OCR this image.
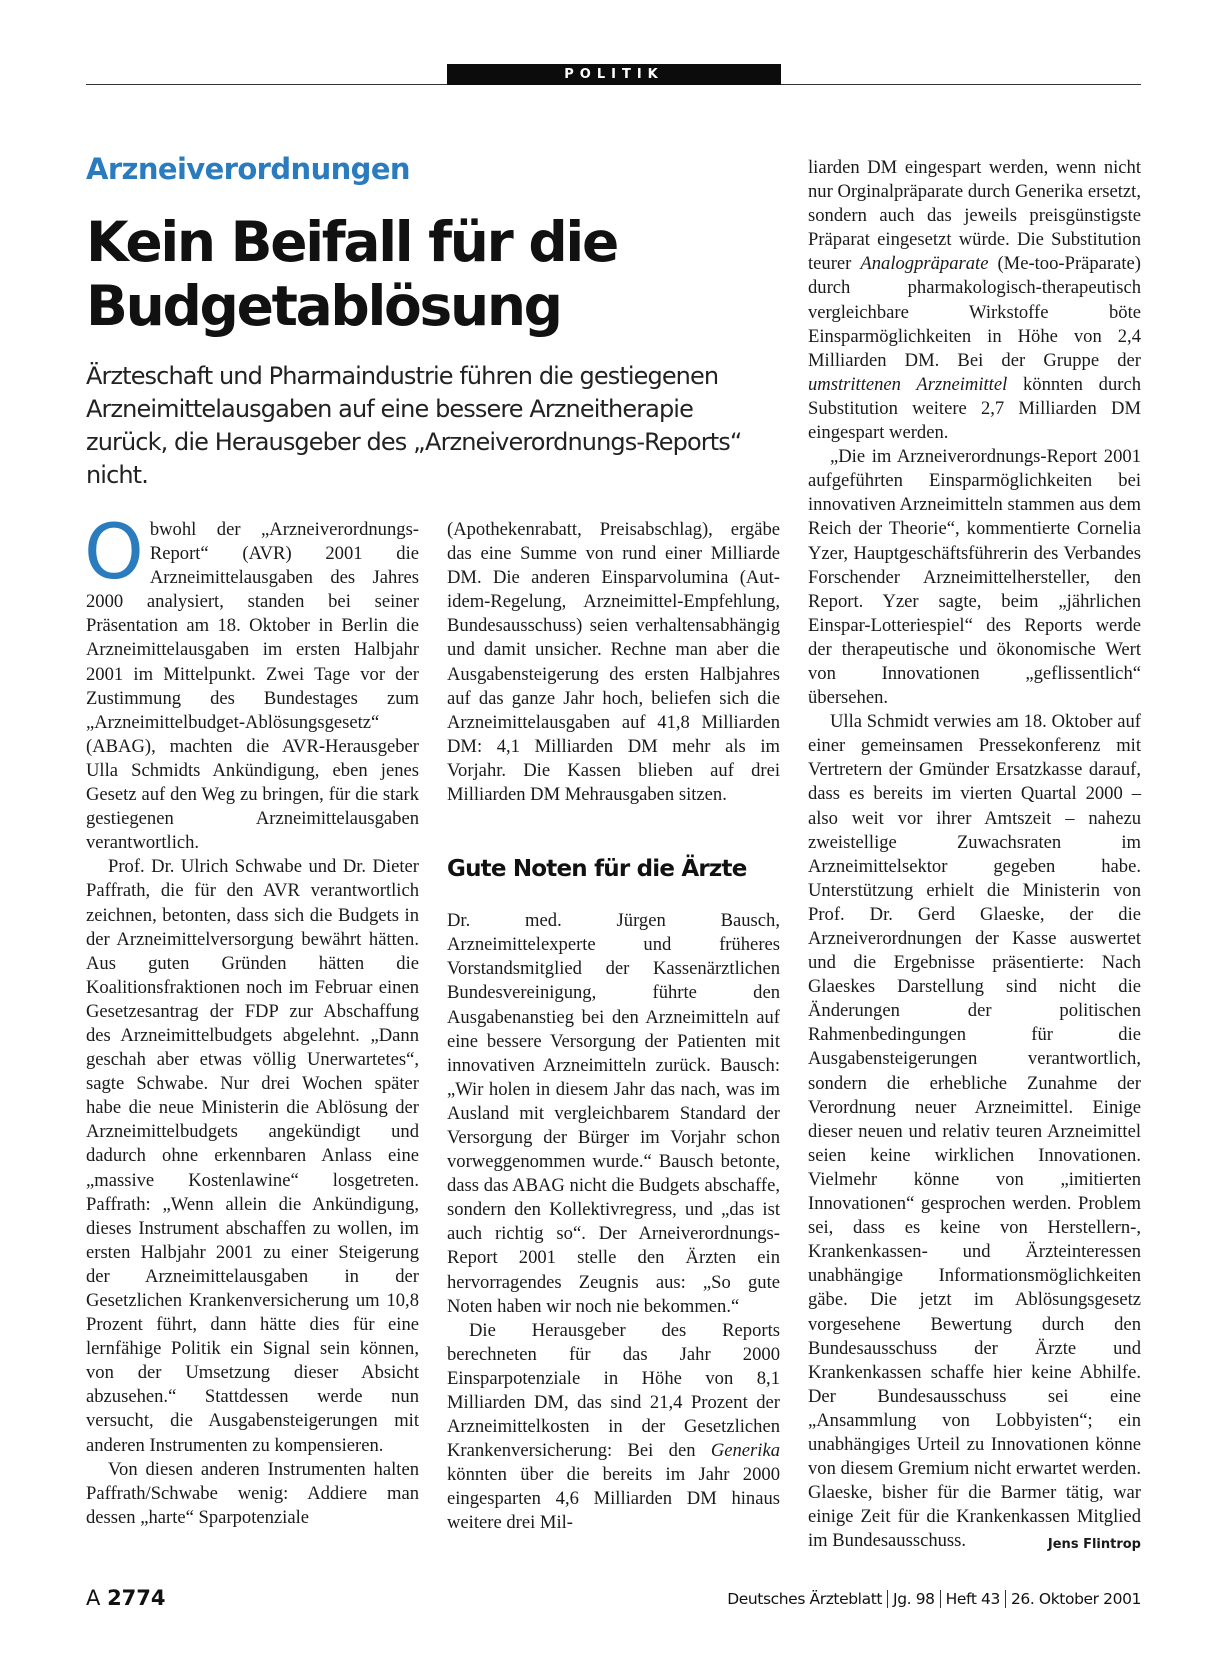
POLITIK
Arzneiverordnungen
Kein Beifall für die Budgetablösung

Ärzteschaft und Pharmaindustrie führen die gestiegenen Arzneimittelausgaben auf eine bessere Arzneitherapie zurück, die Herausgeber des „Arzneiverordnungs-Reports“ nicht.

Obwohl der „Arzneiverordnungs-Report“ (AVR) 2001 die Arzneimittelausgaben des Jahres 2000 analysiert, standen bei seiner Präsentation am 18. Oktober in Berlin die Arzneimittelausgaben im ersten Halbjahr 2001 im Mittelpunkt. Zwei Tage vor der Zustimmung des Bundestages zum „Arzneimittelbudget-Ablösungsgesetz“ (ABAG), machten die AVR-Herausgeber Ulla Schmidts Ankündigung, eben jenes Gesetz auf den Weg zu bringen, für die stark gestiegenen Arzneimittelausgaben verantwortlich.

Prof. Dr. Ulrich Schwabe und Dr. Dieter Paffrath, die für den AVR verantwortlich zeichnen, betonten, dass sich die Budgets in der Arzneimittelversorgung bewährt hätten. Aus guten Gründen hätten die Koalitionsfraktionen noch im Februar einen Gesetzesantrag der FDP zur Abschaffung des Arzneimittelbudgets abgelehnt. „Dann geschah aber etwas völlig Unerwartetes“, sagte Schwabe. Nur drei Wochen später habe die neue Ministerin die Ablösung der Arzneimittelbudgets angekündigt und dadurch ohne erkennbaren Anlass eine „massive Kostenlawine“ losgetreten. Paffrath: „Wenn allein die Ankündigung, dieses Instrument abschaffen zu wollen, im ersten Halbjahr 2001 zu einer Steigerung der Arzneimittelausgaben in der Gesetzlichen Krankenversicherung um 10,8 Prozent führt, dann hätte dies für eine lernfähige Politik ein Signal sein können, von der Umsetzung dieser Absicht abzusehen.“ Stattdessen werde nun versucht, die Ausgabensteigerungen mit anderen Instrumenten zu kompensieren.

Von diesen anderen Instrumenten halten Paffrath/Schwabe wenig: Addiere man dessen „harte“ Sparpotenziale

(Apothekenrabatt, Preisabschlag), ergäbe das eine Summe von rund einer Milliarde DM. Die anderen Einsparvolumina (Aut-idem-Regelung, Arzneimittel-Empfehlung, Bundesausschuss) seien verhaltensabhängig und damit unsicher. Rechne man aber die Ausgabensteigerung des ersten Halbjahres auf das ganze Jahr hoch, beliefen sich die Arzneimittelausgaben auf 41,8 Milliarden DM: 4,1 Milliarden DM mehr als im Vorjahr. Die Kassen blieben auf drei Milliarden DM Mehrausgaben sitzen.

Gute Noten für die Ärzte

Dr. med. Jürgen Bausch, Arzneimittelexperte und früheres Vorstandsmitglied der Kassenärztlichen Bundesvereinigung, führte den Ausgabenanstieg bei den Arzneimitteln auf eine bessere Versorgung der Patienten mit innovativen Arzneimitteln zurück. Bausch: „Wir holen in diesem Jahr das nach, was im Ausland mit vergleichbarem Standard der Versorgung der Bürger im Vorjahr schon vorweggenommen wurde.“ Bausch betonte, dass das ABAG nicht die Budgets abschaffe, sondern den Kollektivregress, und „das ist auch richtig so“. Der Arneiverordnungs-Report 2001 stelle den Ärzten ein hervorragendes Zeugnis aus: „So gute Noten haben wir noch nie bekommen.“

Die Herausgeber des Reports berechneten für das Jahr 2000 Einsparpotenziale in Höhe von 8,1 Milliarden DM, das sind 21,4 Prozent der Arzneimittelkosten in der Gesetzlichen Krankenversicherung: Bei den Generika könnten über die bereits im Jahr 2000 eingesparten 4,6 Milliarden DM hinaus weitere drei Mil-

liarden DM eingespart werden, wenn nicht nur Orginalpräparate durch Generika ersetzt, sondern auch das jeweils preisgünstigste Präparat eingesetzt würde. Die Substitution teurer Analogpräparate (Me-too-Präparate) durch pharmakologisch-therapeutisch vergleichbare Wirkstoffe böte Einsparmöglichkeiten in Höhe von 2,4 Milliarden DM. Bei der Gruppe der umstrittenen Arzneimittel könnten durch Substitution weitere 2,7 Milliarden DM eingespart werden.

„Die im Arzneiverordnungs-Report 2001 aufgeführten Einsparmöglichkeiten bei innovativen Arzneimitteln stammen aus dem Reich der Theorie“, kommentierte Cornelia Yzer, Hauptgeschäftsführerin des Verbandes Forschender Arzneimittelhersteller, den Report. Yzer sagte, beim „jährlichen Einspar-Lotteriespiel“ des Reports werde der therapeutische und ökonomische Wert von Innovationen „geflissentlich“ übersehen.

Ulla Schmidt verwies am 18. Oktober auf einer gemeinsamen Pressekonferenz mit Vertretern der Gmünder Ersatzkasse darauf, dass es bereits im vierten Quartal 2000 – also weit vor ihrer Amtszeit – nahezu zweistellige Zuwachsraten im Arzneimittelsektor gegeben habe. Unterstützung erhielt die Ministerin von Prof. Dr. Gerd Glaeske, der die Arzneiverordnungen der Kasse auswertet und die Ergebnisse präsentierte: Nach Glaeskes Darstellung sind nicht die Änderungen der politischen Rahmenbedingungen für die Ausgabensteigerungen verantwortlich, sondern die erhebliche Zunahme der Verordnung neuer Arzneimittel. Einige dieser neuen und relativ teuren Arzneimittel seien keine wirklichen Innovationen. Vielmehr könne von „imitierten Innovationen“ gesprochen werden. Problem sei, dass es keine von Herstellern-, Krankenkassen- und Ärzteinteressen unabhängige Informationsmöglichkeiten gäbe. Die jetzt im Ablösungsgesetz vorgesehene Bewertung durch den Bundesausschuss der Ärzte und Krankenkassen schaffe hier keine Abhilfe. Der Bundesausschuss sei eine „Ansammlung von Lobbyisten“; ein unabhängiges Urteil zu Innovationen könne von diesem Gremium nicht erwartet werden. Glaeske, bisher für die Barmer tätig, war einige Zeit für die Krankenkassen Mitglied im Bundesausschuss.	Jens Flintrop

A 2774	Deutsches Ärzteblatt Jg. 98 Heft 43 26. Oktober 2001
